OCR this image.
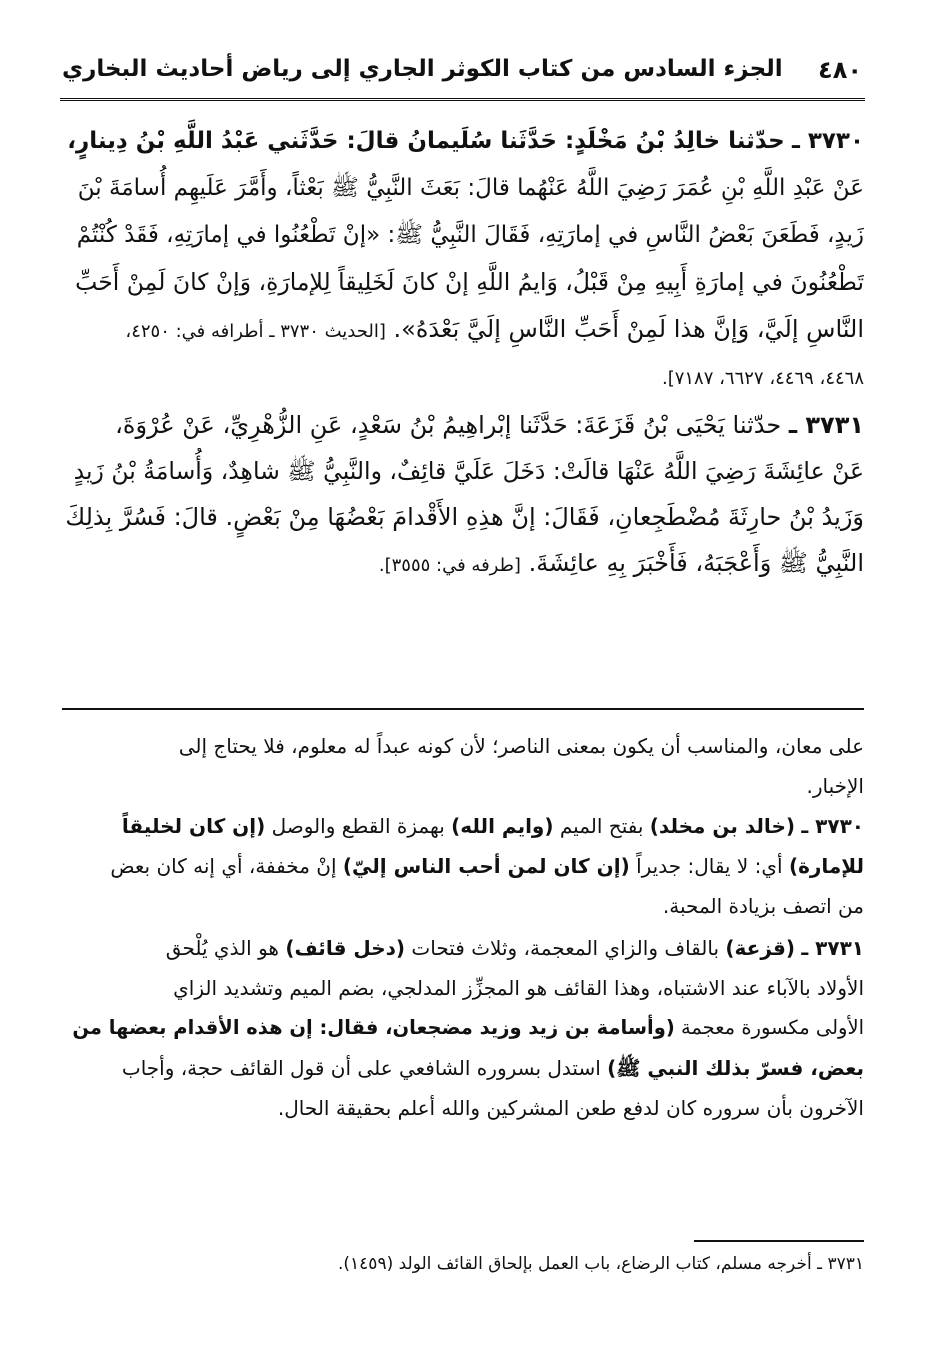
٤٨٠
الجزء السادس من كتاب الكوثر الجاري إلى رياض أحاديث البخاري
٣٧٣٠ ـ حدّثنا خالِدُ بْنُ مَخْلَدٍ: حَدَّثَنا سُلَيمانُ قالَ: حَدَّثَني عَبْدُ اللَّهِ بْنُ دِينارٍ،
عَنْ عَبْدِ اللَّهِ بْنِ عُمَرَ رَضِيَ اللَّهُ عَنْهُما قالَ: بَعَثَ النَّبِيُّ ﷺ بَعْثاً، وأَمَّرَ عَلَيهِم أُسامَةَ بْنَ
زَيدٍ، فَطَعَنَ بَعْضُ النَّاسِ في إمارَتِهِ، فَقَالَ النَّبِيُّ ﷺ: «إنْ تَطْعُنُوا في إمارَتِهِ، فَقَدْ كُنْتُمْ
تَطْعُنُونَ في إمارَةِ أَبِيهِ مِنْ قَبْلُ، وَايمُ اللَّهِ إنْ كانَ لَخَلِيقاً لِلإمارَةِ، وَإنْ كانَ لَمِنْ أَحَبِّ
النَّاسِ إلَيَّ، وَإنَّ هذا لَمِنْ أَحَبِّ النَّاسِ إلَيَّ بَعْدَهُ». [الحديث ٣٧٣٠ ـ أطرافه في: ٤٢٥٠،
٤٤٦٨، ٤٤٦٩، ٦٦٢٧، ٧١٨٧].
٣٧٣١ ـ حدّثنا يَحْيَى بْنُ قَزَعَةَ: حَدَّثَنا إبْراهِيمُ بْنُ سَعْدٍ، عَنِ الزُّهْرِيِّ، عَنْ عُرْوَةَ،
عَنْ عائِشَةَ رَضِيَ اللَّهُ عَنْهَا قالَتْ: دَخَلَ عَلَيَّ قائِفٌ، والنَّبِيُّ ﷺ شاهِدٌ، وَأُسامَةُ بْنُ زَيدٍ
وَزَيدُ بْنُ حارِثَةَ مُضْطَجِعانِ، فَقَالَ: إنَّ هذِهِ الأَقْدامَ بَعْضُهَا مِنْ بَعْضٍ. قالَ: فَسُرَّ بِذلِكَ
النَّبِيُّ ﷺ وَأَعْجَبَهُ، فَأَخْبَرَ بِهِ عائِشَةَ. [طرفه في: ٣٥٥٥].
على معان، والمناسب أن يكون بمعنى الناصر؛ لأن كونه عبداً له معلوم، فلا يحتاج إلى
الإخبار.
٣٧٣٠ ـ (خالد بن مخلد) بفتح الميم (وايم الله) بهمزة القطع والوصل (إن كان لخليقاً
للإمارة) أي: لا يقال: جديراً (إن كان لمن أحب الناس إليّ) إنْ مخففة، أي إنه كان بعض
من اتصف بزيادة المحبة.
٣٧٣١ ـ (قزعة) بالقاف والزاي المعجمة، وثلاث فتحات (دخل قائف) هو الذي يُلْحق
الأولاد بالآباء عند الاشتباه، وهذا القائف هو المجزِّز المدلجي، بضم الميم وتشديد الزاي
الأولى مكسورة معجمة (وأسامة بن زيد وزيد مضجعان، فقال: إن هذه الأقدام بعضها من
بعض، فسرّ بذلك النبي ﷺ) استدل بسروره الشافعي على أن قول القائف حجة، وأجاب
الآخرون بأن سروره كان لدفع طعن المشركين والله أعلم بحقيقة الحال.
٣٧٣١ ـ أخرجه مسلم، كتاب الرضاع، باب العمل بإلحاق القائف الولد (١٤٥٩).
